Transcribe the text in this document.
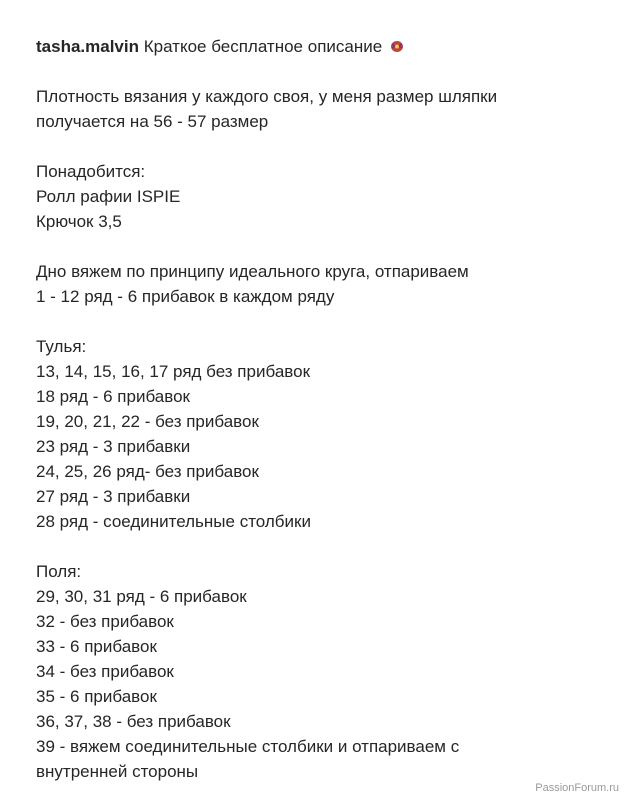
tasha.malvin Краткое бесплатное описание

Плотность вязания у каждого своя, у меня размер шляпки

получается на 56 - 57 размер

Понадобится:

Ролл рафии ISPIE

Крючок 3,5

Дно вяжем по принципу идеального круга, отпариваем

1 - 12 ряд - 6 прибавок в каждом ряду

Тулья:

13, 14, 15, 16, 17 ряд без прибавок

18 ряд - 6 прибавок

19, 20, 21, 22 - без прибавок

23 ряд - 3 прибавки

24, 25, 26 ряд- без прибавок

27 ряд - 3 прибавки

28 ряд - соединительные столбики

Поля:

29, 30, 31 ряд - 6 прибавок

32 - без прибавок

33 - 6 прибавок

34 - без прибавок

35 - 6 прибавок

36, 37, 38 - без прибавок

39 - вяжем соединительные столбики и отпариваем с

внутренней стороны

PassionForum.ru
